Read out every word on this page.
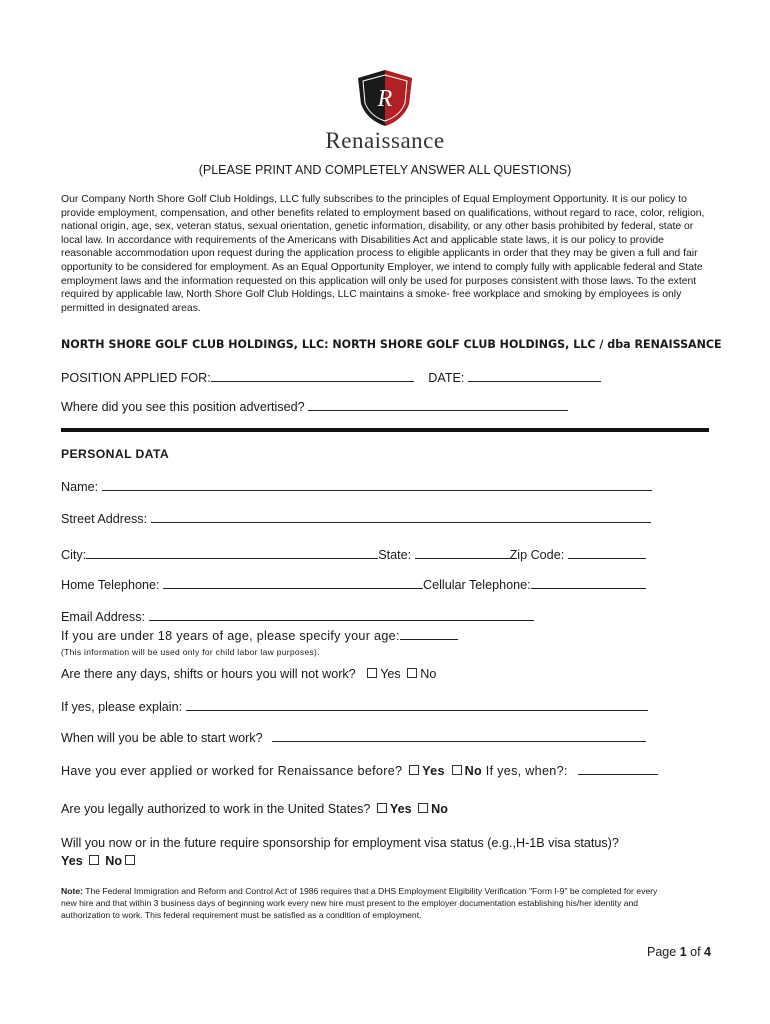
R
Renaissance
(PLEASE PRINT AND COMPLETELY ANSWER ALL QUESTIONS)
Our Company North Shore Golf Club Holdings, LLC fully subscribes to the principles of Equal Employment Opportunity. It is our policy to provide employment, compensation, and other benefits related to employment based on qualifications, without regard to race, color, religion, national origin, age, sex, veteran status, sexual orientation, genetic information, disability, or any other basis prohibited by federal, state or local law. In accordance with requirements of the Americans with Disabilities Act and applicable state laws, it is our policy to provide reasonable accommodation upon request during the application process to eligible applicants in order that they may be given a full and fair opportunity to be considered for employment. As an Equal Opportunity Employer, we intend to comply fully with applicable federal and State employment laws and the information requested on this application will only be used for purposes consistent with those laws. To the extent required by applicable law, North Shore Golf Club Holdings, LLC maintains a smoke- free workplace and smoking by employees is only permitted in designated areas.
NORTH SHORE GOLF CLUB HOLDINGS, LLC: NORTH SHORE GOLF CLUB HOLDINGS, LLC / dba RENAISSANCE
POSITION APPLIED FOR:	DATE:
Where did you see this position advertised?
PERSONAL DATA
Name:
Street Address:
City:	State:	Zip Code:
Home Telephone:	Cellular Telephone:
Email Address:
If you are under 18 years of age, please specify your age:
(This information will be used only for child labor law purposes).
Are there any days, shifts or hours you will not work? Yes No
If yes, please explain:
When will you be able to start work?
Have you ever applied or worked for Renaissance before? Yes No If yes, when?:
Are you legally authorized to work in the United States? Yes No
Will you now or in the future require sponsorship for employment visa status (e.g.,H-1B visa status)?
Yes No
Note: The Federal Immigration and Reform and Control Act of 1986 requires that a DHS Employment Eligibility Verification "Form I-9" be completed for every new hire and that within 3 business days of beginning work every new hire must present to the employer documentation establishing his/her identity and authorization to work. This federal requirement must be satisfied as a condition of employment.
Page 1 of 4
